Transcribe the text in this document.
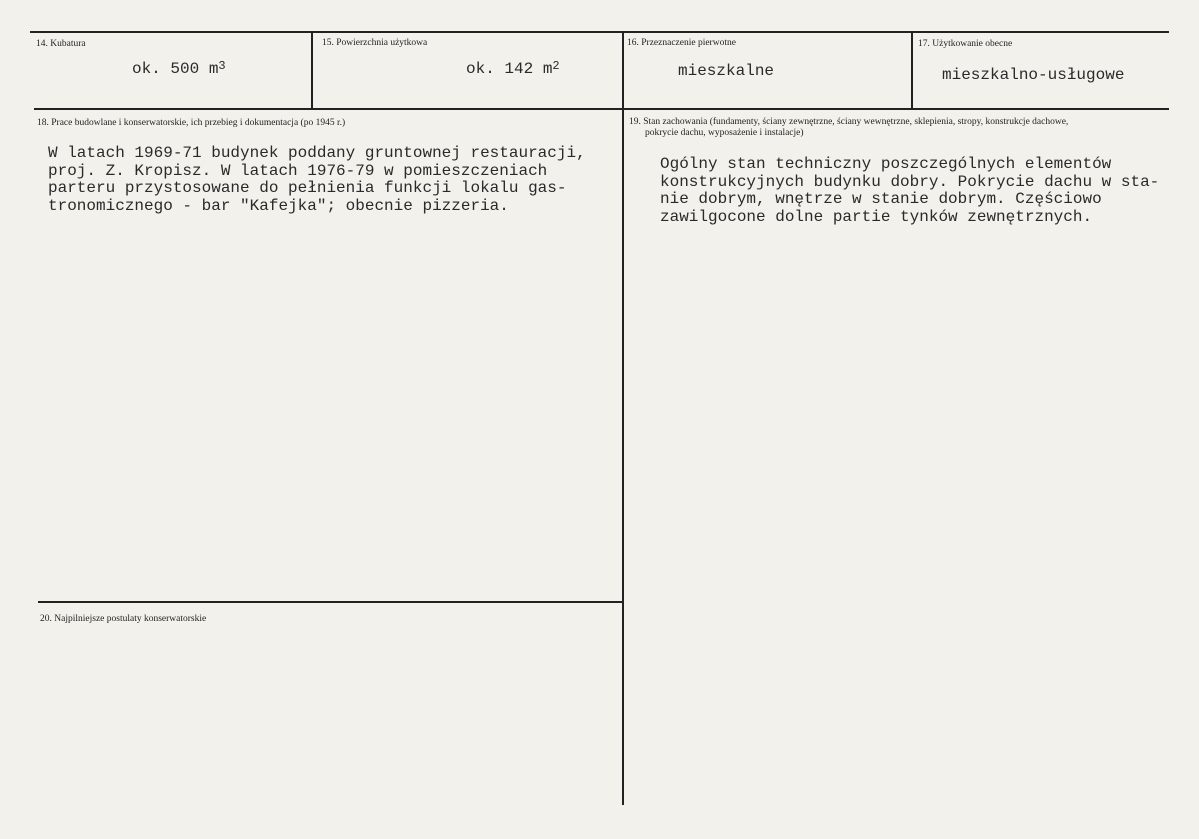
14. Kubatura
ok. 500 $m^3$
15. Powierzchnia użytkowa
ok. 142 $m^2$
16. Przeznaczenie pierwotne
mieszkalne
17. Użytkowanie obecne
mieszkalno-usługowe
18. Prace budowlane i konserwatorskie, ich przebieg i dokumentacja (po 1945 r.)
W latach 1969-71 budynek poddany gruntownej restauracji,
proj. Z. Kropisz. W latach 1976-79 w pomieszczeniach
parteru przystosowane do pełnienia funkcji lokalu gas-
tronomicznego - bar "Kafejka"; obecnie pizzeria.
19. Stan zachowania (fundamenty, ściany zewnętrzne, ściany wewnętrzne, sklepienia, stropy, konstrukcje dachowe,
pokrycie dachu, wyposażenie i instalacje)
Ogólny stan techniczny poszczególnych elementów
konstrukcyjnych budynku dobry. Pokrycie dachu w sta-
nie dobrym, wnętrze w stanie dobrym. Częściowo
zawilgocone dolne partie tynków zewnętrznych.
20. Najpilniejsze postulaty konserwatorskie
